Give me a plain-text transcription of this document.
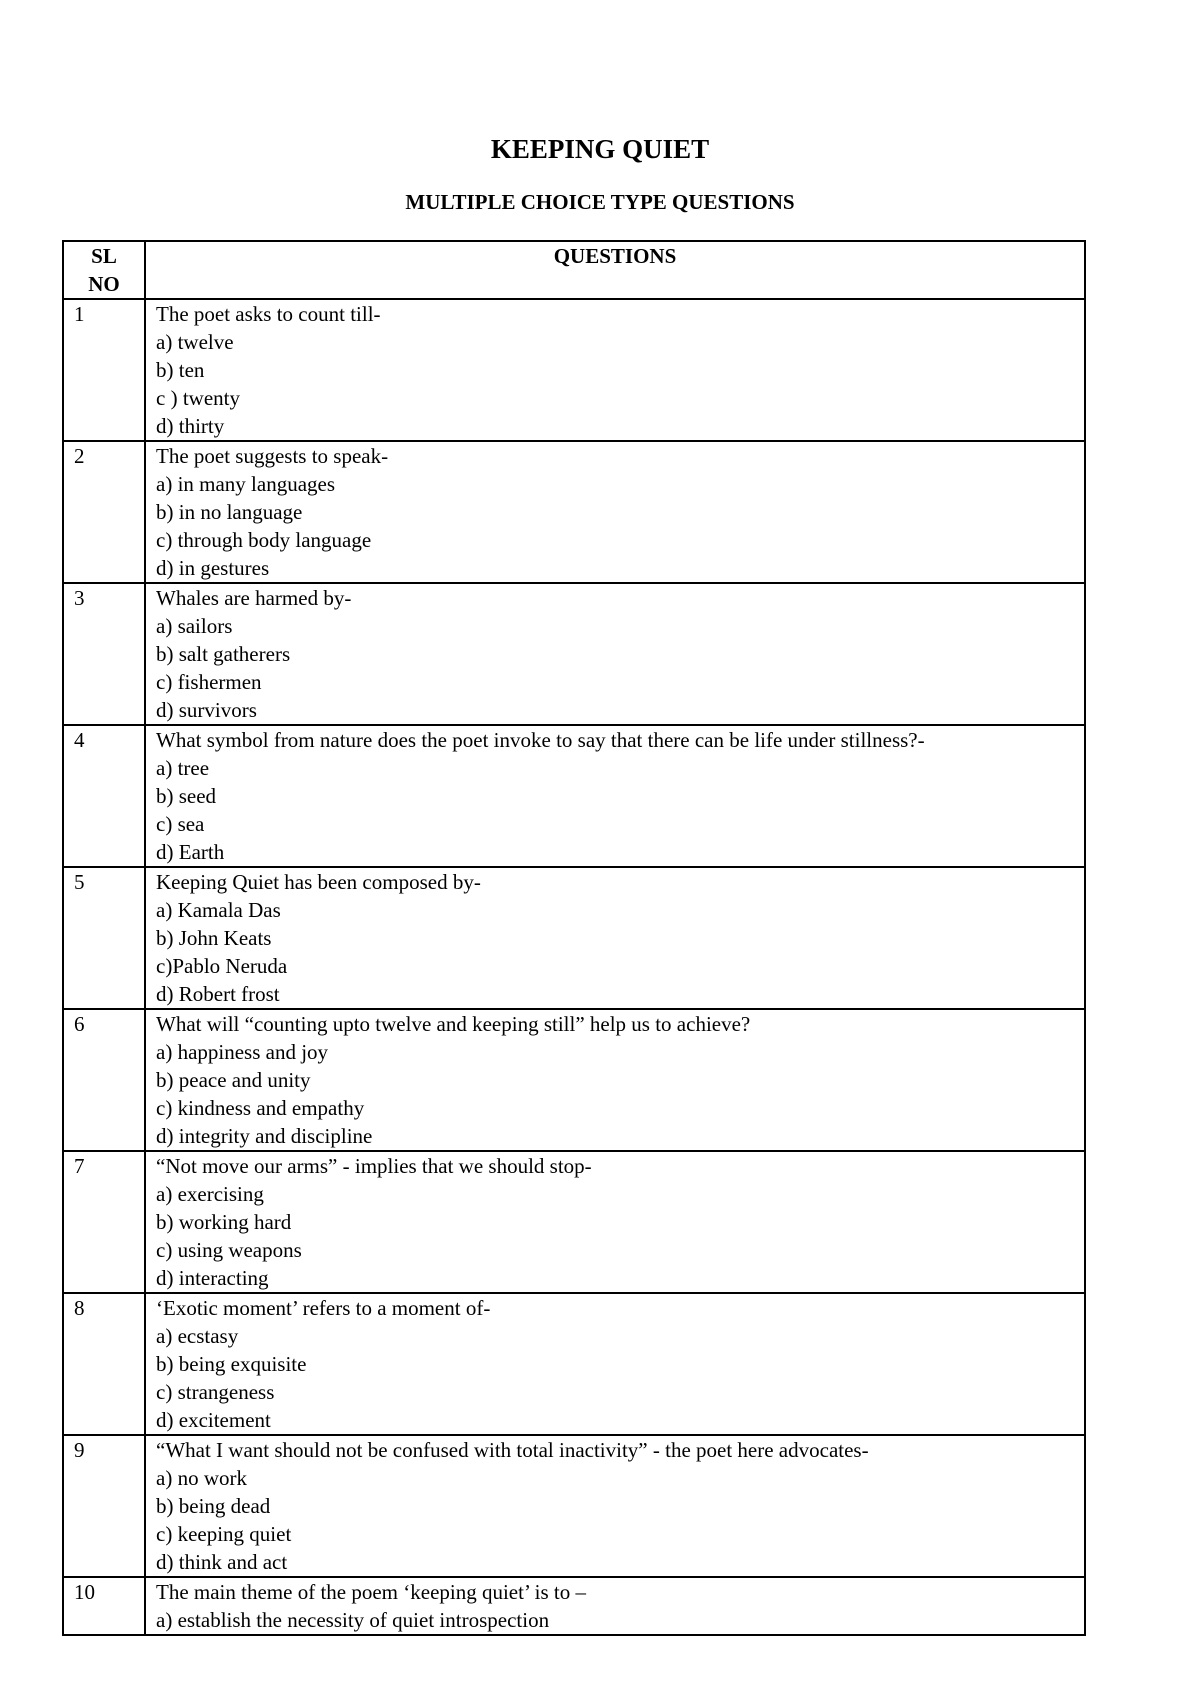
KEEPING QUIET
MULTIPLE CHOICE TYPE QUESTIONS
SL
NO	QUESTIONS
1	The poet asks to count till-
a) twelve
b) ten
c ) twenty
d) thirty

2	The poet suggests to speak-
a) in many languages
b) in no language
c) through body language
d) in gestures

3	Whales are harmed by-
a) sailors
b) salt gatherers
c) fishermen
d) survivors

4	What symbol from nature does the poet invoke to say that there can be life under stillness?-
a) tree
b) seed
c) sea
d) Earth

5	Keeping Quiet has been composed by-
a) Kamala Das
b) John Keats
c)Pablo Neruda
d) Robert frost

6	What will “counting upto twelve and keeping still” help us to achieve?
a) happiness and joy
b) peace and unity
c) kindness and empathy
d) integrity and discipline

7	“Not move our arms” - implies that we should stop-
a) exercising
b) working hard
c) using weapons
d) interacting

8	‘Exotic moment’ refers to a moment of-
a) ecstasy
b) being exquisite
c) strangeness
d) excitement

9	“What I want should not be confused with total inactivity” - the poet here advocates-
a) no work
b) being dead
c) keeping quiet
d) think and act

10	The main theme of the poem ‘keeping quiet’ is to –
a) establish the necessity of quiet introspection
